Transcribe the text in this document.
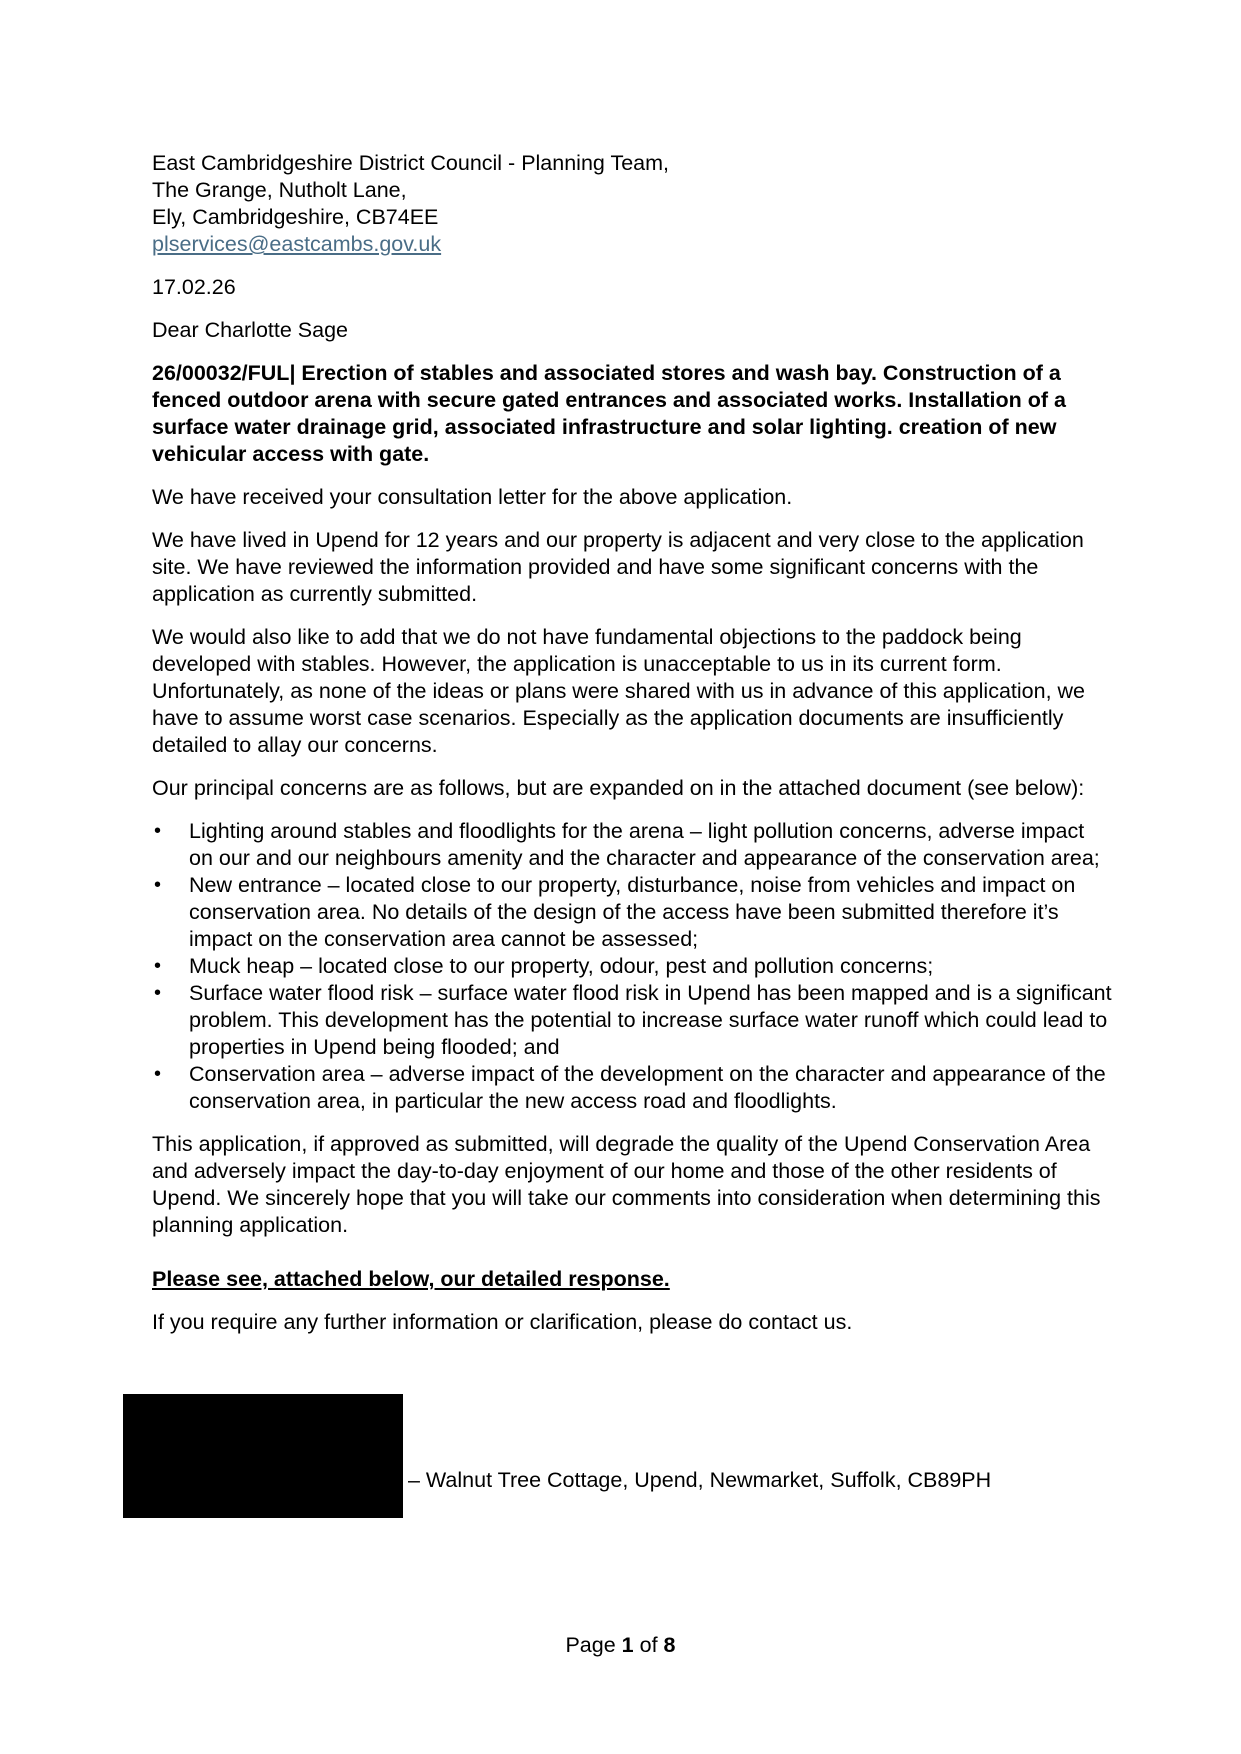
East Cambridgeshire District Council - Planning Team,

The Grange, Nutholt Lane,

Ely, Cambridgeshire, CB74EE

plservices@eastcambs.gov.uk

17.02.26

Dear Charlotte Sage

26/00032/FUL| Erection of stables and associated stores and wash bay. Construction of a fenced outdoor arena with secure gated entrances and associated works. Installation of a surface water drainage grid, associated infrastructure and solar lighting. creation of new vehicular access with gate.

We have received your consultation letter for the above application.

We have lived in Upend for 12 years and our property is adjacent and very close to the application site. We have reviewed the information provided and have some significant concerns with the application as currently submitted.

We would also like to add that we do not have fundamental objections to the paddock being developed with stables. However, the application is unacceptable to us in its current form. Unfortunately, as none of the ideas or plans were shared with us in advance of this application, we have to assume worst case scenarios. Especially as the application documents are insufficiently detailed to allay our concerns.

Our principal concerns are as follows, but are expanded on in the attached document (see below):

• Lighting around stables and floodlights for the arena – light pollution concerns, adverse impact on our and our neighbours amenity and the character and appearance of the conservation area;
• New entrance – located close to our property, disturbance, noise from vehicles and impact on conservation area. No details of the design of the access have been submitted therefore it’s impact on the conservation area cannot be assessed;
• Muck heap – located close to our property, odour, pest and pollution concerns;
• Surface water flood risk – surface water flood risk in Upend has been mapped and is a significant problem. This development has the potential to increase surface water runoff which could lead to properties in Upend being flooded; and
• Conservation area – adverse impact of the development on the character and appearance of the conservation area, in particular the new access road and floodlights.

This application, if approved as submitted, will degrade the quality of the Upend Conservation Area and adversely impact the day-to-day enjoyment of our home and those of the other residents of Upend. We sincerely hope that you will take our comments into consideration when determining this planning application.

Please see, attached below, our detailed response.

If you require any further information or clarification, please do contact us.

– Walnut Tree Cottage, Upend, Newmarket, Suffolk, CB89PH
Page 1 of 8
